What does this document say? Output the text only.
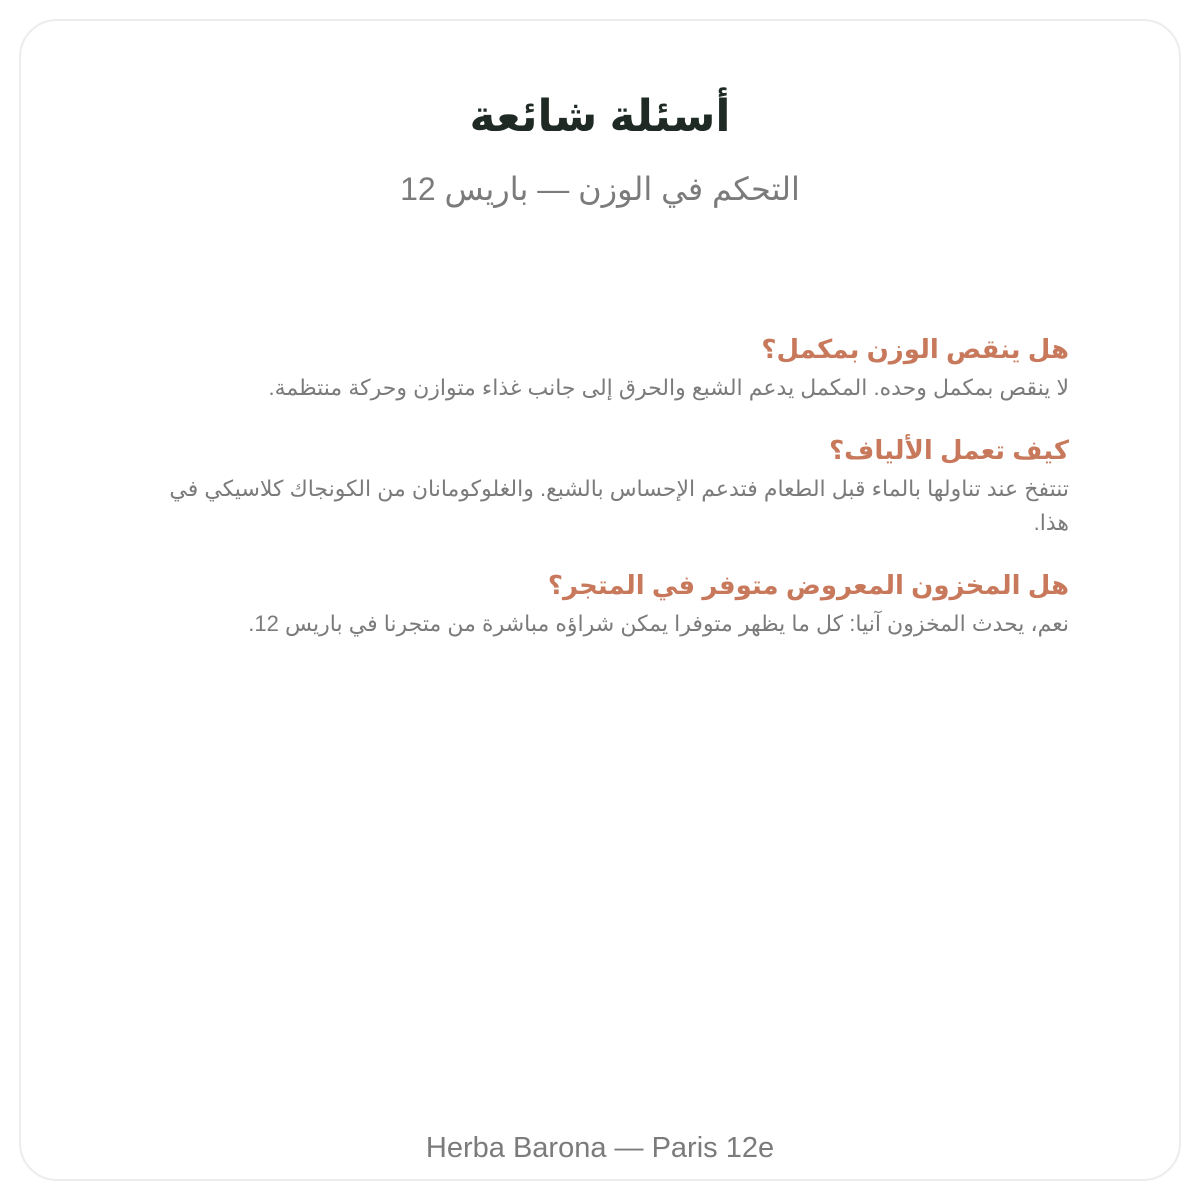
أسئلة شائعة
التحكم في الوزن — باريس 12
هل ينقص الوزن بمكمل؟
لا ينقص بمكمل وحده. المكمل يدعم الشبع والحرق إلى جانب غذاء متوازن وحركة منتظمة.
كيف تعمل الألياف؟
تنتفخ عند تناولها بالماء قبل الطعام فتدعم الإحساس بالشبع. والغلوكومانان من الكونجاك كلاسيكي في هذا.
هل المخزون المعروض متوفر في المتجر؟
نعم، يحدث المخزون آنيا: كل ما يظهر متوفرا يمكن شراؤه مباشرة من متجرنا في باريس 12.
Herba Barona — Paris 12e
